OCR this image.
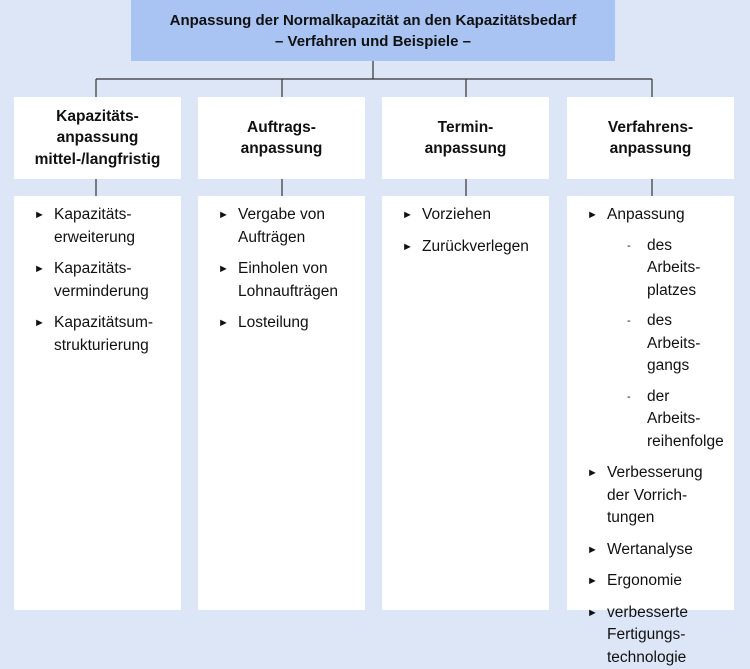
Anpassung der Normalkapazität an den Kapazitätsbedarf
– Verfahren und Beispiele –
Kapazitäts-
anpassung
mittel-/langfristig
Auftrags-
anpassung
Termin-
anpassung
Verfahrens-
anpassung
► Kapazitäts-
erweiterung
► Kapazitäts-
verminderung
► Kapazitätsum-
strukturierung
► Vergabe von
Aufträgen
► Einholen von
Lohnaufträgen
► Losteilung
► Vorziehen
► Zurückverlegen
► Anpassung
- des Arbeits-
platzes
- des Arbeits-
gangs
- der Arbeits-
reihenfolge
► Verbesserung
der Vorrich-
tungen
► Wertanalyse
► Ergonomie
► verbesserte
Fertigungs-
technologie
